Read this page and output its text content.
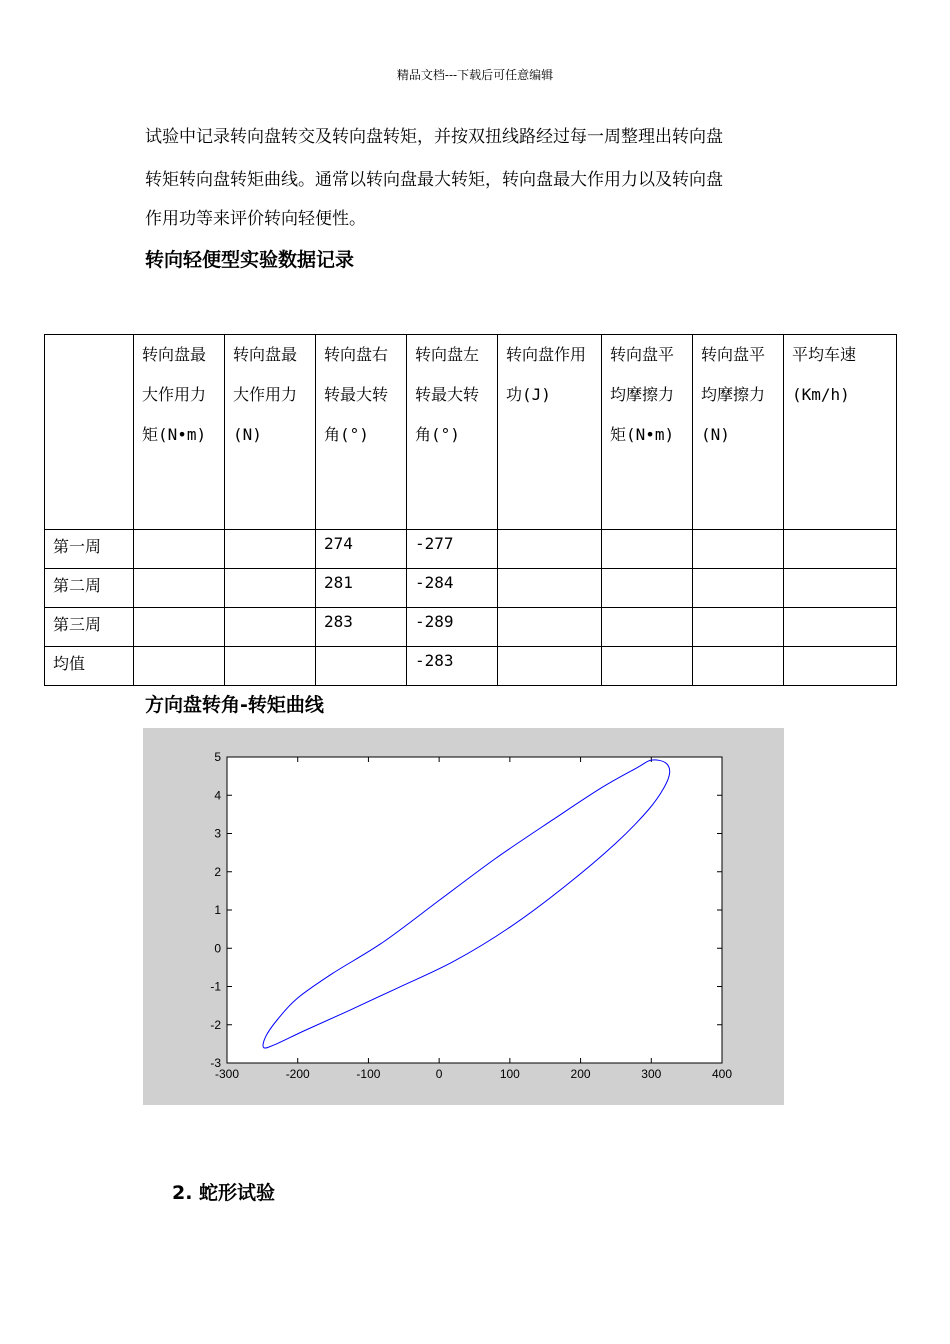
精品文档---下载后可任意编辑
试验中记录转向盘转交及转向盘转矩，并按双扭线路经过每一周整理出转向盘
转矩转向盘转矩曲线。通常以转向盘最大转矩，转向盘最大作用力以及转向盘
作用功等来评价转向轻便性。
转向轻便型实验数据记录
	转向盘最大作用力矩(N•m)	转向盘最大作用力(N)	转向盘右转最大转角(°)	转向盘左转最大转角(°)	转向盘作用功(J)	转向盘平均摩擦力矩(N•m)	转向盘平均摩擦力(N)	平均车速(Km/h)
第一周			274	-277				
第二周			281	-284				
第三周			283	-289				
均值				-283				
方向盘转角-转矩曲线
-300	-200	-100	0	100	200	300	400
-3
-2
-1
0
1
2
3
4
5
2. 蛇形试验
